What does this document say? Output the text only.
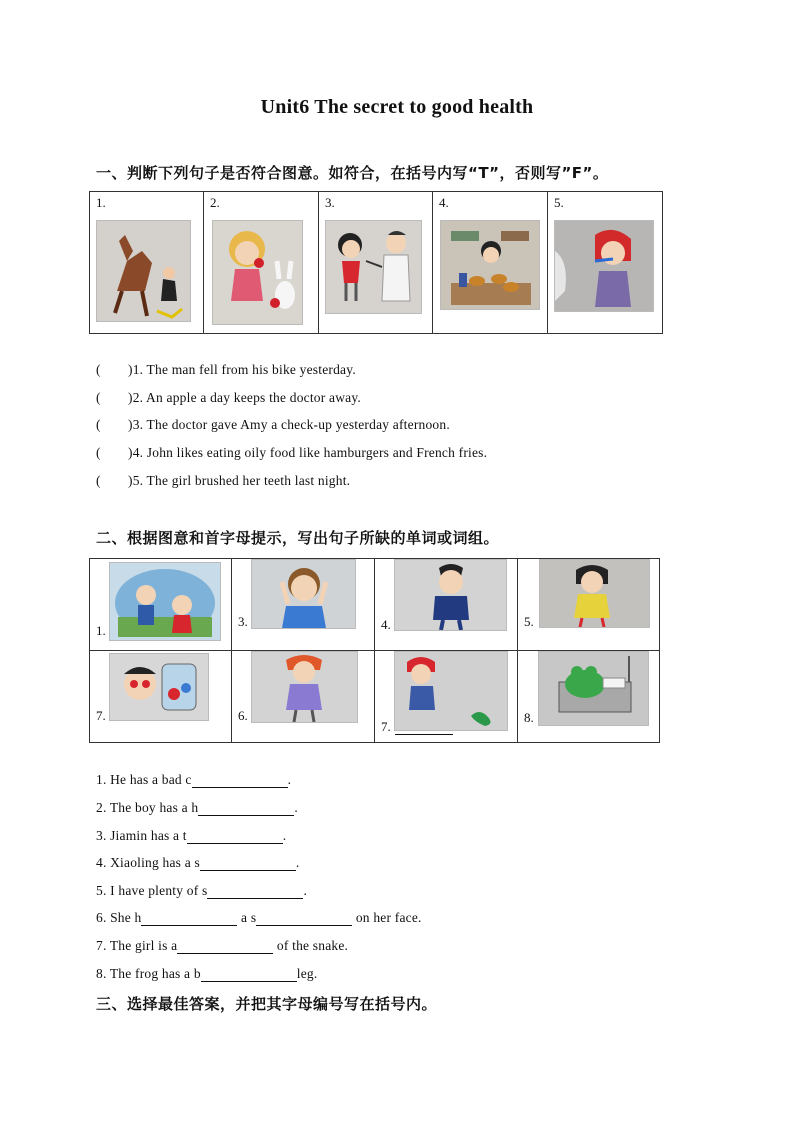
Unit6 The secret to good health
一、判断下列句子是否符合图意。如符合，在括号内写“T”，否则写”F”。
1.	2.	3.	4.	5.
( )1. The man fell from his bike yesterday.
( )2. An apple a day keeps the doctor away.
( )3. The doctor gave Amy a check-up yesterday afternoon.
( )4. John likes eating oily food like hamburgers and French fries.
( )5. The girl brushed her teeth last night.
二、根据图意和首字母提示，写出句子所缺的单词或词组。
1.	3.	4.	5.

7.	6.	7.	8.
1. He has a bad c	.
2. The boy has a h	.
3. Jiamin has a t	.
4. Xiaoling has a s	.
5. I have plenty of s	.
6. She h	a s	on her face.
7. The girl is a	of the snake.
8. The frog has a b	leg.
三、选择最佳答案，并把其字母编号写在括号内。
